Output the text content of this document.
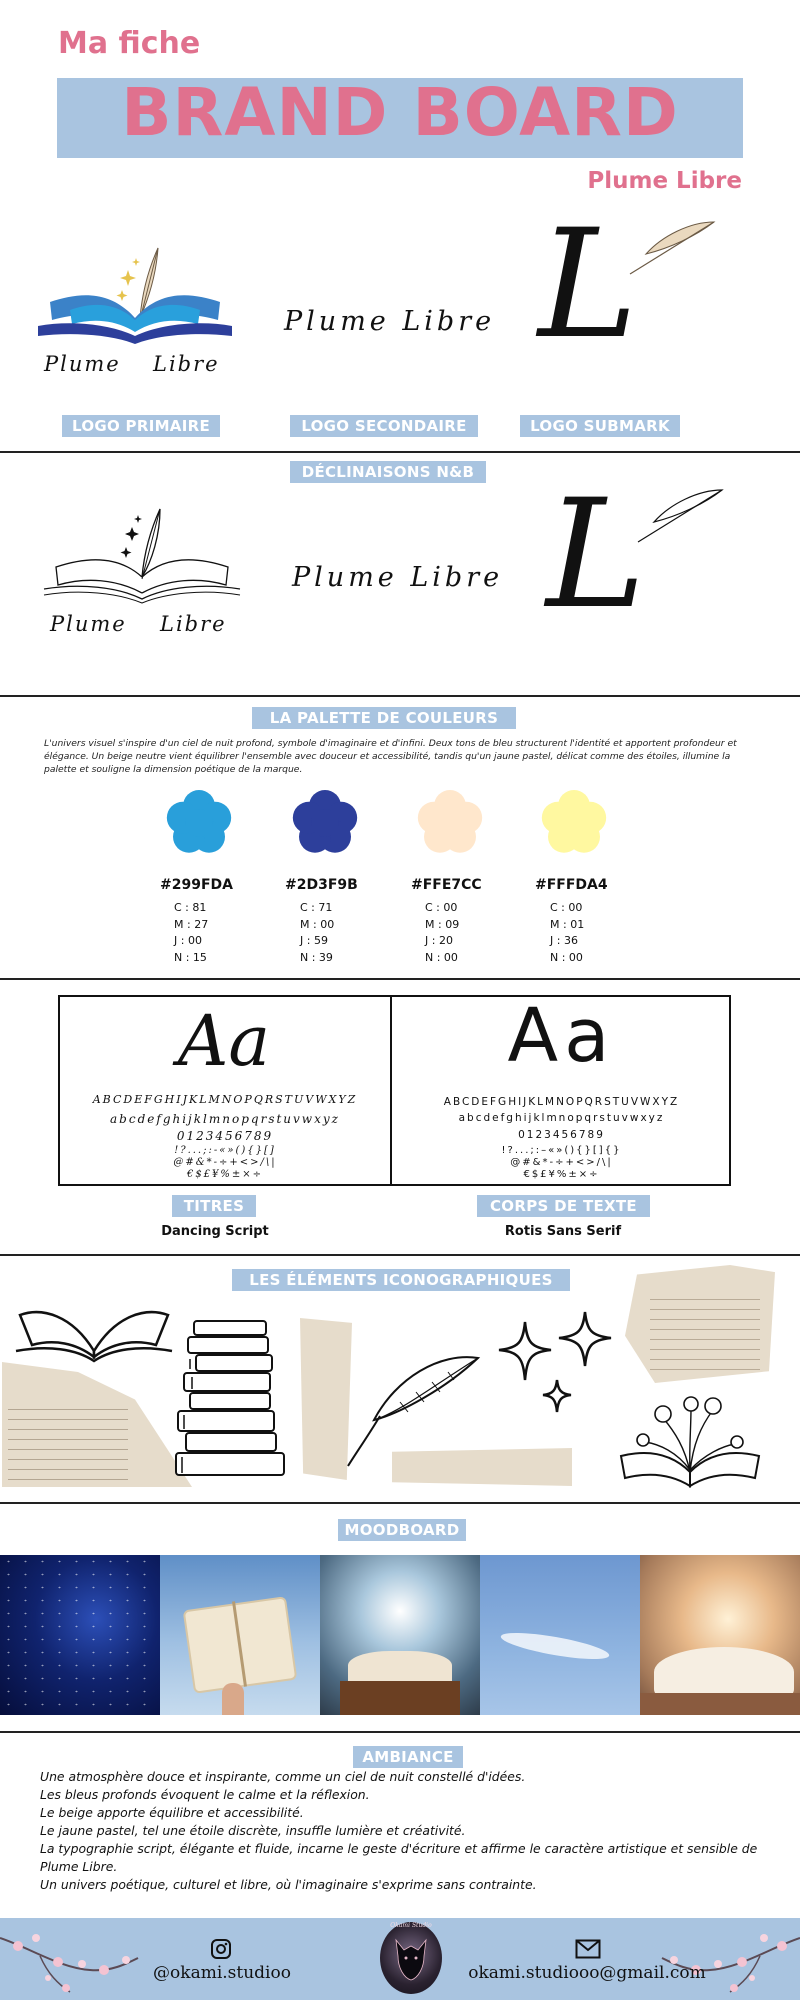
Ma fiche
BRAND BOARD
Plume Libre
Plume Libre
Plume Libre L
LOGO PRIMAIRE	LOGO SECONDAIRE	LOGO SUBMARK
DÉCLINAISONS N&B
Plume Libre
Plume Libre L
LA PALETTE DE COULEURS
L'univers visuel s'inspire d'un ciel de nuit profond, symbole d'imaginaire et d'infini. Deux tons de bleu structurent l'identité et apportent profondeur et élégance. Un beige neutre vient équilibrer l'ensemble avec douceur et accessibilité, tandis qu'un jaune pastel, délicat comme des étoiles, illumine la palette et souligne la dimension poétique de la marque.
#299FDA	#2D3F9B	#FFE7CC	#FFFDA4
C : 81
M : 27
J : 00
N : 15
C : 71
M : 00
J : 59
N : 39
C : 00
M : 09
J : 20
N : 00
C : 00
M : 01
J : 36
N : 00
Aa
ABCDEFGHIJKLMNOPQRSTUVWXYZ
abcdefghijklmnopqrstuvwxyz
0123456789
!?...;:-«»(){}[]
@#&*-÷+<>/\|
€$£¥%±×÷
Aa
ABCDEFGHIJKLMNOPQRSTUVWXYZ
abcdefghijklmnopqrstuvwxyz
0123456789
!?...;:–«»(){}[]{}
@#&*-÷+<>/\|
€$£¥%±×÷
TITRES
Dancing Script
CORPS DE TEXTE
Rotis Sans Serif
LES ÉLÉMENTS ICONOGRAPHIQUES
MOODBOARD
AMBIANCE
Une atmosphère douce et inspirante, comme un ciel de nuit constellé d'idées.
Les bleus profonds évoquent le calme et la réflexion.
Le beige apporte équilibre et accessibilité.
Le jaune pastel, tel une étoile discrète, insuffle lumière et créativité.
La typographie script, élégante et fluide, incarne le geste d'écriture et affirme le caractère artistique et sensible de Plume Libre.
Un univers poétique, culturel et libre, où l'imaginaire s'exprime sans contrainte.
@okami.studioo
Okami Studio
okami.studiooo@gmail.com
